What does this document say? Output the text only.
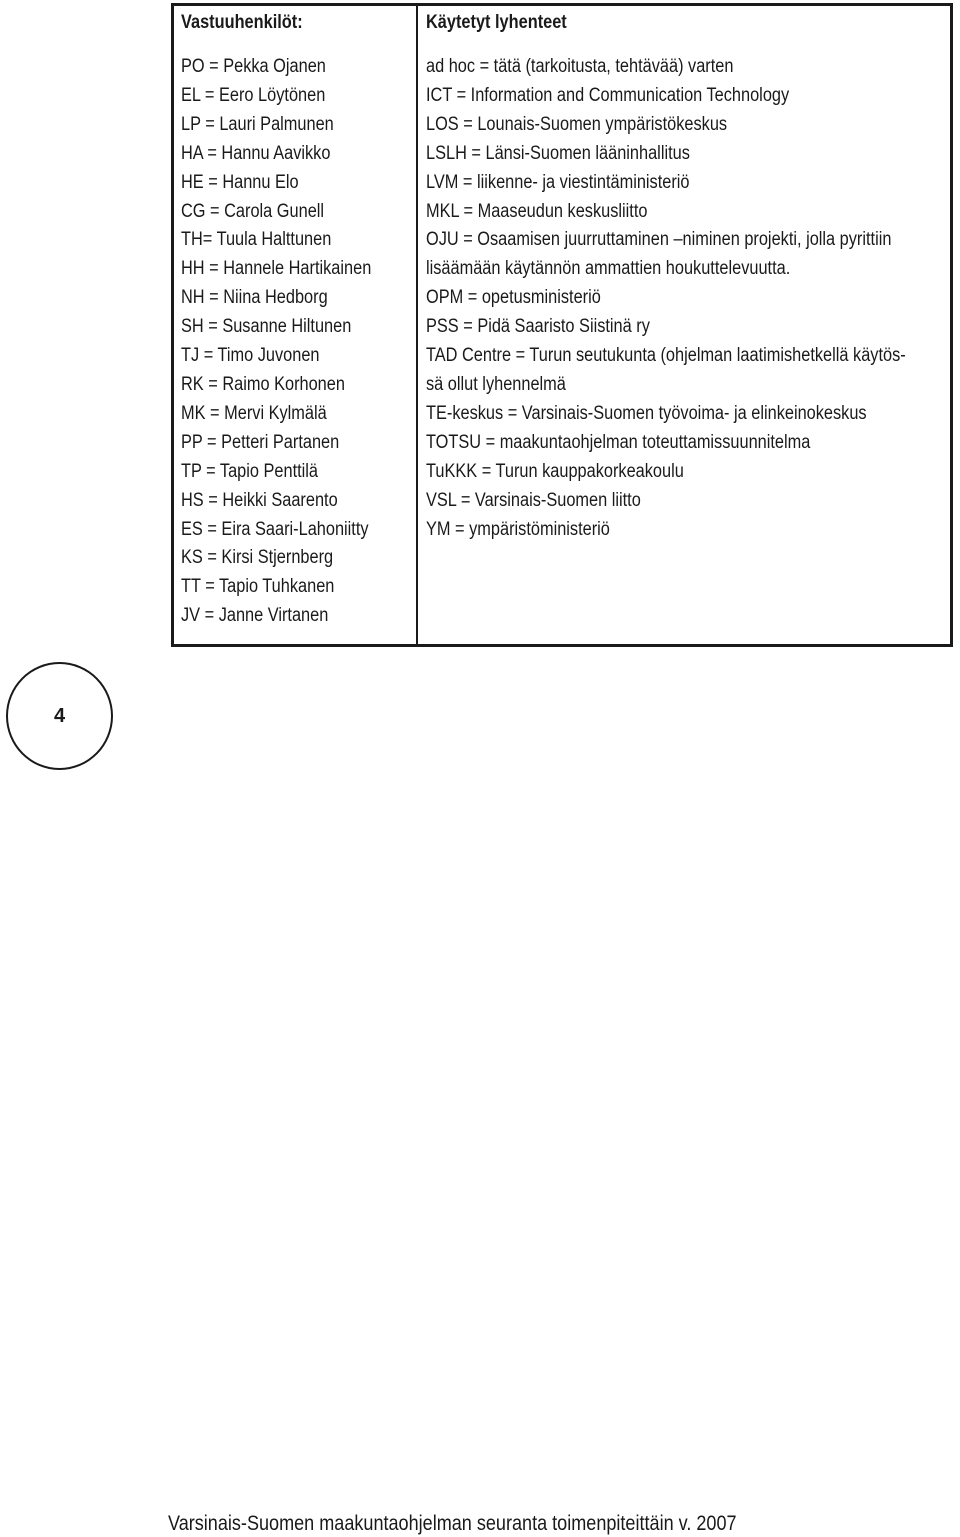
Vastuuhenkilöt:
PO = Pekka Ojanen
EL = Eero Löytönen
LP = Lauri Palmunen
HA = Hannu Aavikko
HE = Hannu Elo
CG = Carola Gunell
TH= Tuula Halttunen
HH = Hannele Hartikainen
NH = Niina Hedborg
SH = Susanne Hiltunen
TJ = Timo Juvonen
RK = Raimo Korhonen
MK = Mervi Kylmälä
PP = Petteri Partanen
TP = Tapio Penttilä
HS = Heikki Saarento
ES = Eira Saari-Lahoniitty
KS = Kirsi Stjernberg
TT = Tapio Tuhkanen
JV = Janne Virtanen
Käytetyt lyhenteet
ad hoc = tätä (tarkoitusta, tehtävää) varten
ICT = Information and Communication Technology
LOS = Lounais-Suomen ympäristökeskus
LSLH = Länsi-Suomen lääninhallitus
LVM = liikenne- ja viestintäministeriö
MKL = Maaseudun keskusliitto
OJU = Osaamisen juurruttaminen –niminen projekti, jolla pyrittiin
lisäämään käytännön ammattien houkuttelevuutta.
OPM = opetusministeriö
PSS = Pidä Saaristo Siistinä ry
TAD Centre = Turun seutukunta (ohjelman laatimishetkellä käytös-
sä ollut lyhennelmä
TE-keskus = Varsinais-Suomen työvoima- ja elinkeinokeskus
TOTSU = maakuntaohjelman toteuttamissuunnitelma
TuKKK = Turun kauppakorkeakoulu
VSL = Varsinais-Suomen liitto
YM = ympäristöministeriö
4
Varsinais-Suomen maakuntaohjelman seuranta toimenpiteittäin v. 2007
